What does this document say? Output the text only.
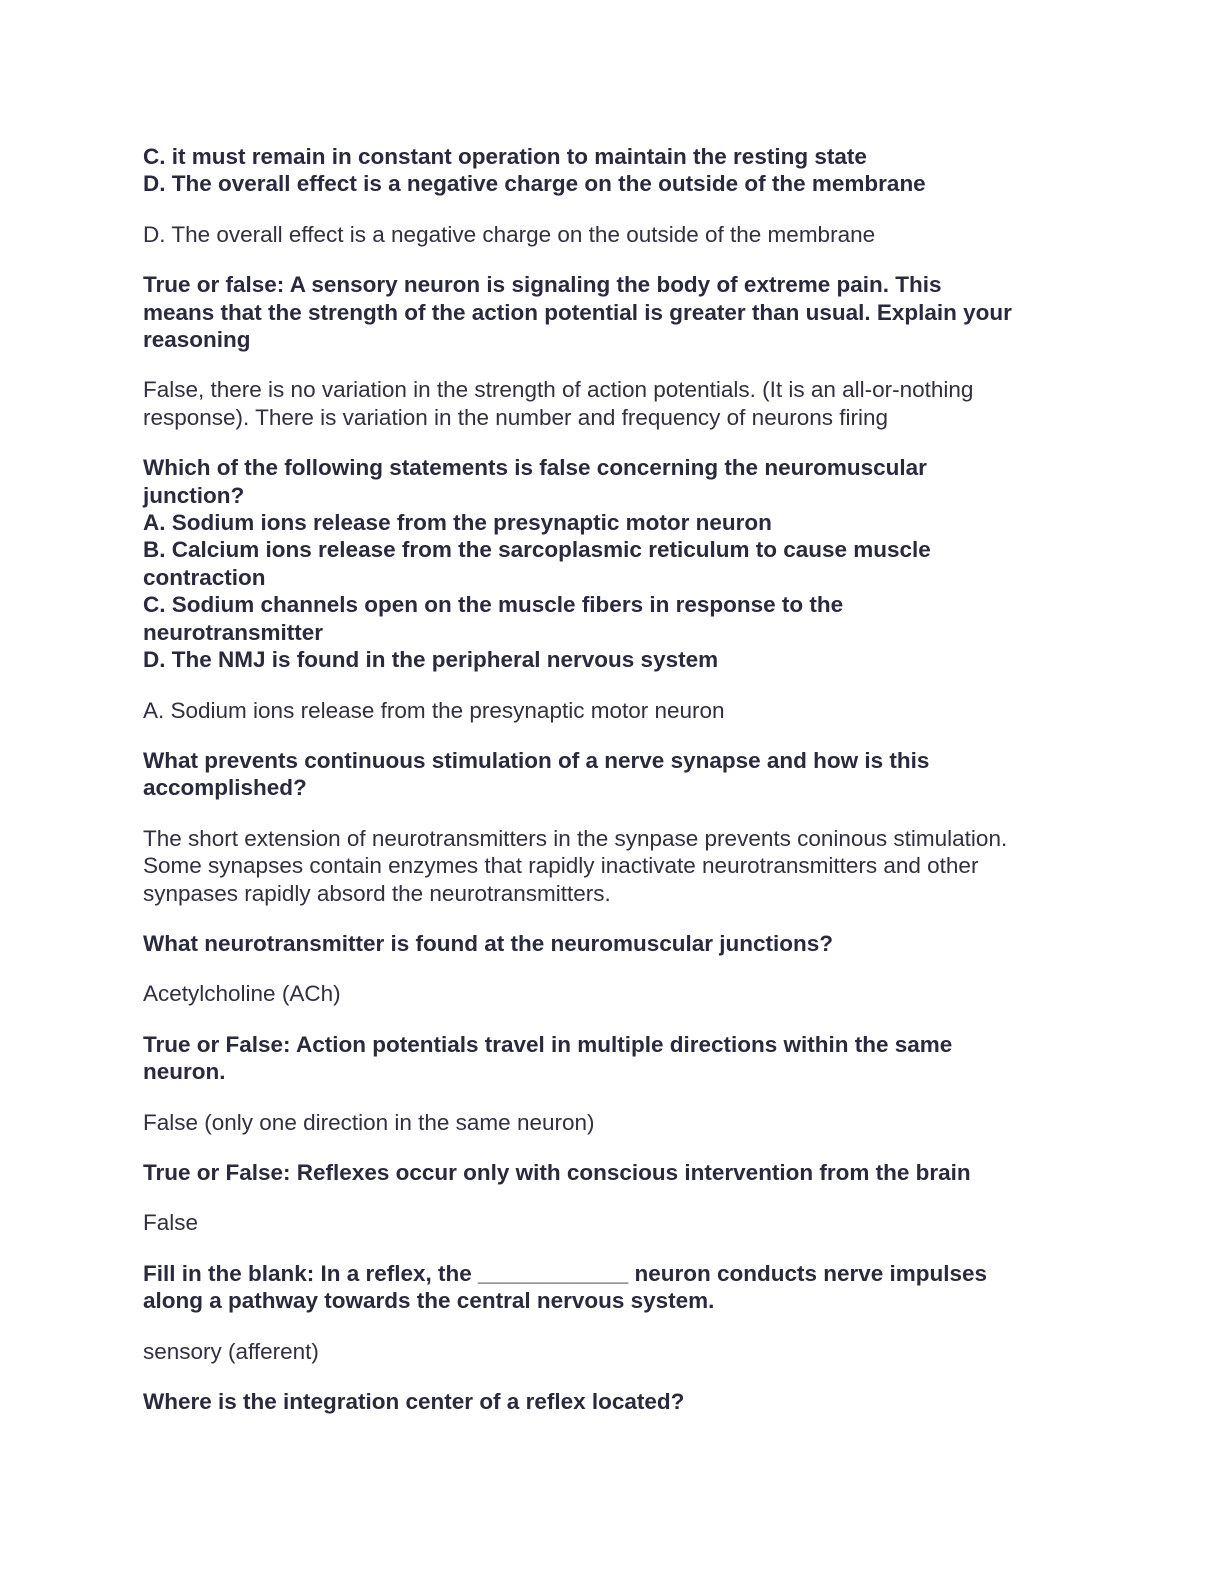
C. it must remain in constant operation to maintain the resting state
D. The overall effect is a negative charge on the outside of the membrane
D. The overall effect is a negative charge on the outside of the membrane
True or false: A sensory neuron is signaling the body of extreme pain. This
means that the strength of the action potential is greater than usual. Explain your
reasoning
False, there is no variation in the strength of action potentials. (It is an all-or-nothing
response). There is variation in the number and frequency of neurons firing
Which of the following statements is false concerning the neuromuscular
junction?
A. Sodium ions release from the presynaptic motor neuron
B. Calcium ions release from the sarcoplasmic reticulum to cause muscle
contraction
C. Sodium channels open on the muscle fibers in response to the
neurotransmitter
D. The NMJ is found in the peripheral nervous system
A. Sodium ions release from the presynaptic motor neuron
What prevents continuous stimulation of a nerve synapse and how is this
accomplished?
The short extension of neurotransmitters in the synpase prevents coninous stimulation.
Some synapses contain enzymes that rapidly inactivate neurotransmitters and other
synpases rapidly absord the neurotransmitters.
What neurotransmitter is found at the neuromuscular junctions?
Acetylcholine (ACh)
True or False: Action potentials travel in multiple directions within the same
neuron.
False (only one direction in the same neuron)
True or False: Reflexes occur only with conscious intervention from the brain
False
Fill in the blank: In a reflex, the ____________ neuron conducts nerve impulses
along a pathway towards the central nervous system.
sensory (afferent)
Where is the integration center of a reflex located?
